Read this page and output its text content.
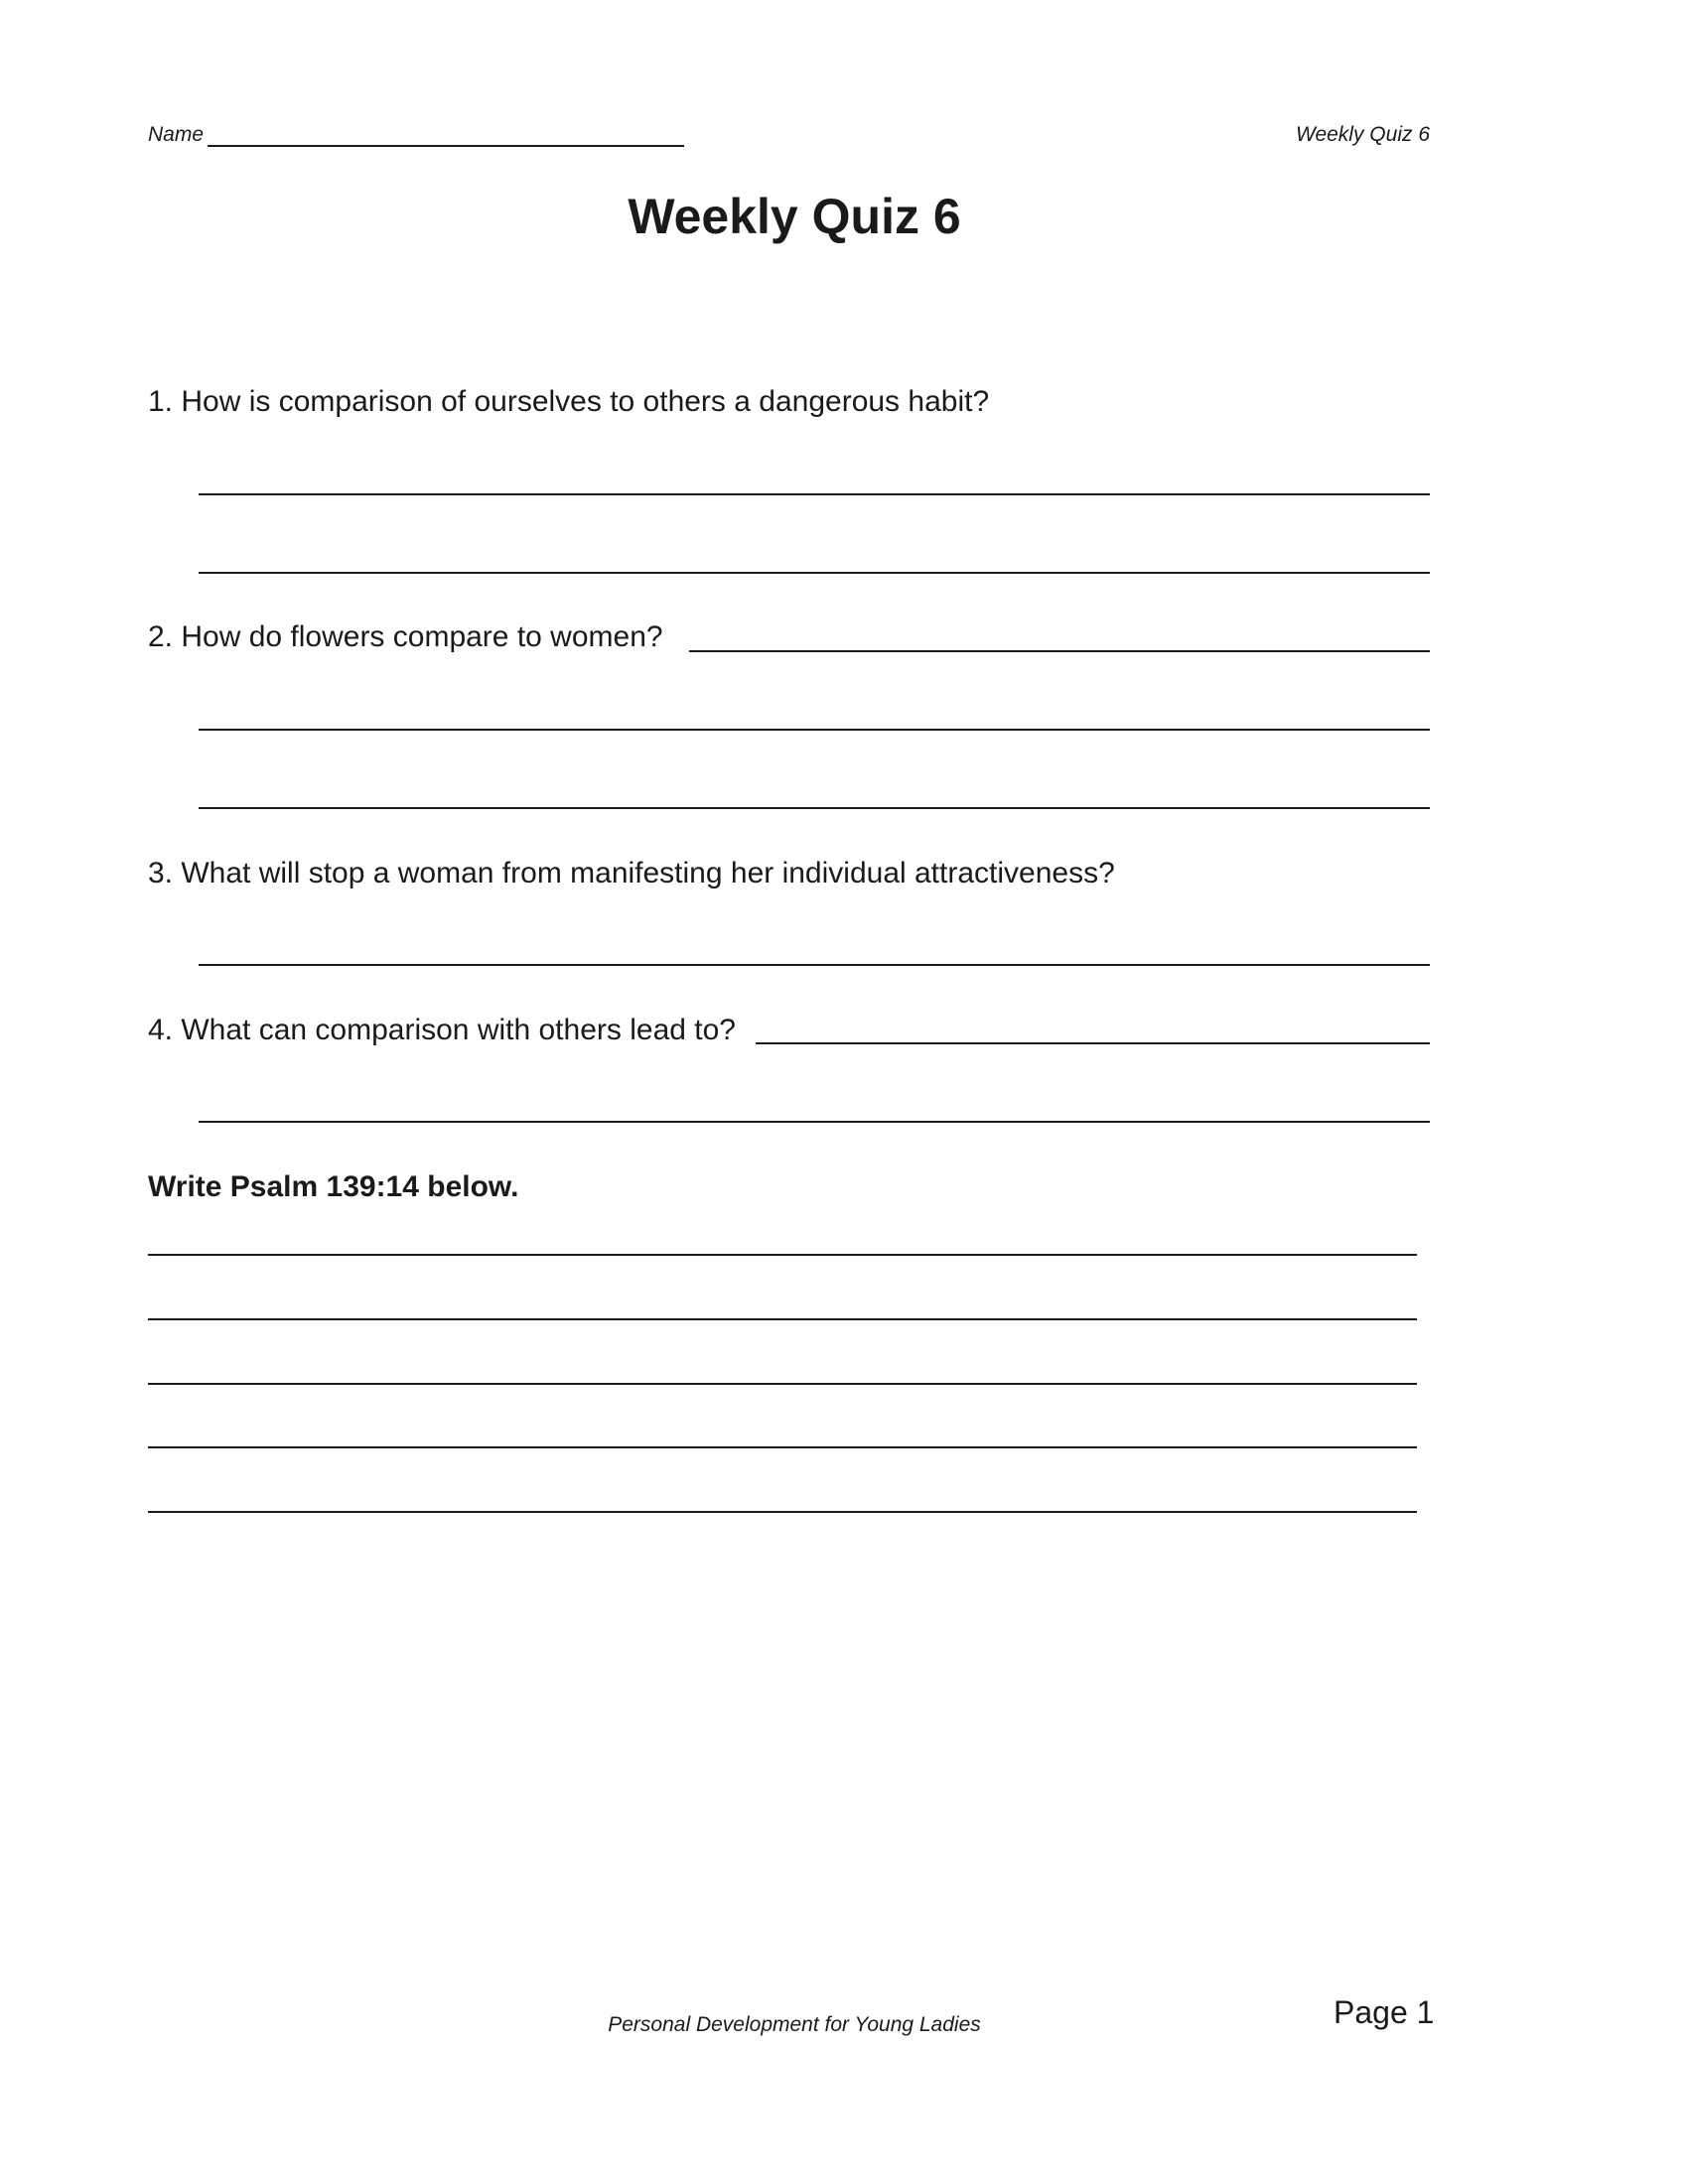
Name	Weekly Quiz 6
Weekly Quiz 6
1. How is comparison of ourselves to others a dangerous habit?
2. How do flowers compare to women?
3. What will stop a woman from manifesting her individual attractiveness?
4. What can comparison with others lead to?
Write Psalm 139:14 below.
Personal Development for Young Ladies	Page 1
